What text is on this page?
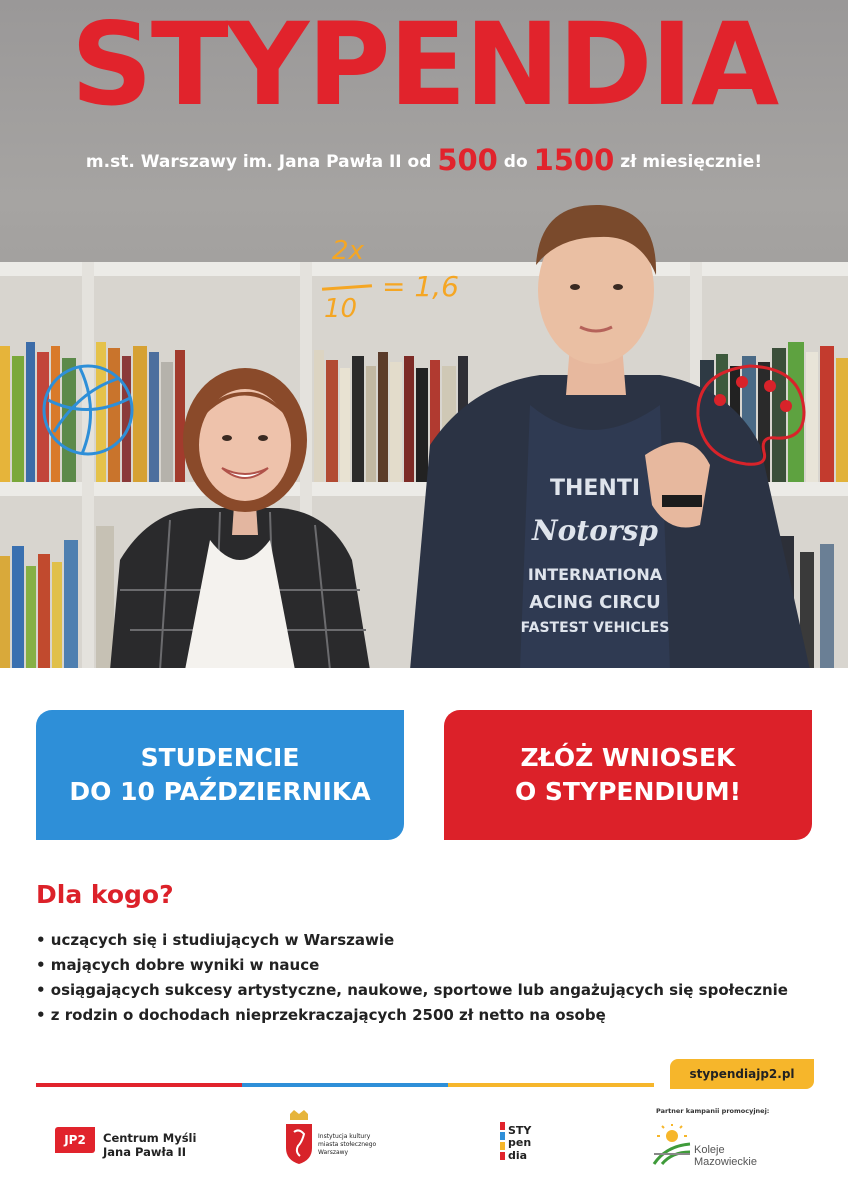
THENTI
Notorsp
INTERNATIONA
ACING CIRCU
FASTEST VEHICLES
2x
10
= 1,6
STYPENDIA
m.st. Warszawy im. Jana Pawła II od 500 do 1500 zł miesięcznie!
STUDENCIE
DO 10 PAŹDZIERNIKA
ZŁÓŻ WNIOSEK
O STYPENDIUM!
Dla kogo?
• uczących się i studiujących w Warszawie
• mających dobre wyniki w nauce
• osiągających sukcesy artystyczne, naukowe, sportowe lub angażujących się społecznie
• z rodzin o dochodach nieprzekraczających 2500 zł netto na osobę
stypendiajp2.pl
Partner kampanii promocyjnej:
JP2	Centrum Myśli
Jana Pawła II
Instytucja kultury
miasta stołecznego
Warszawy
STY
pen
dia	Koleje
Mazowieckie
